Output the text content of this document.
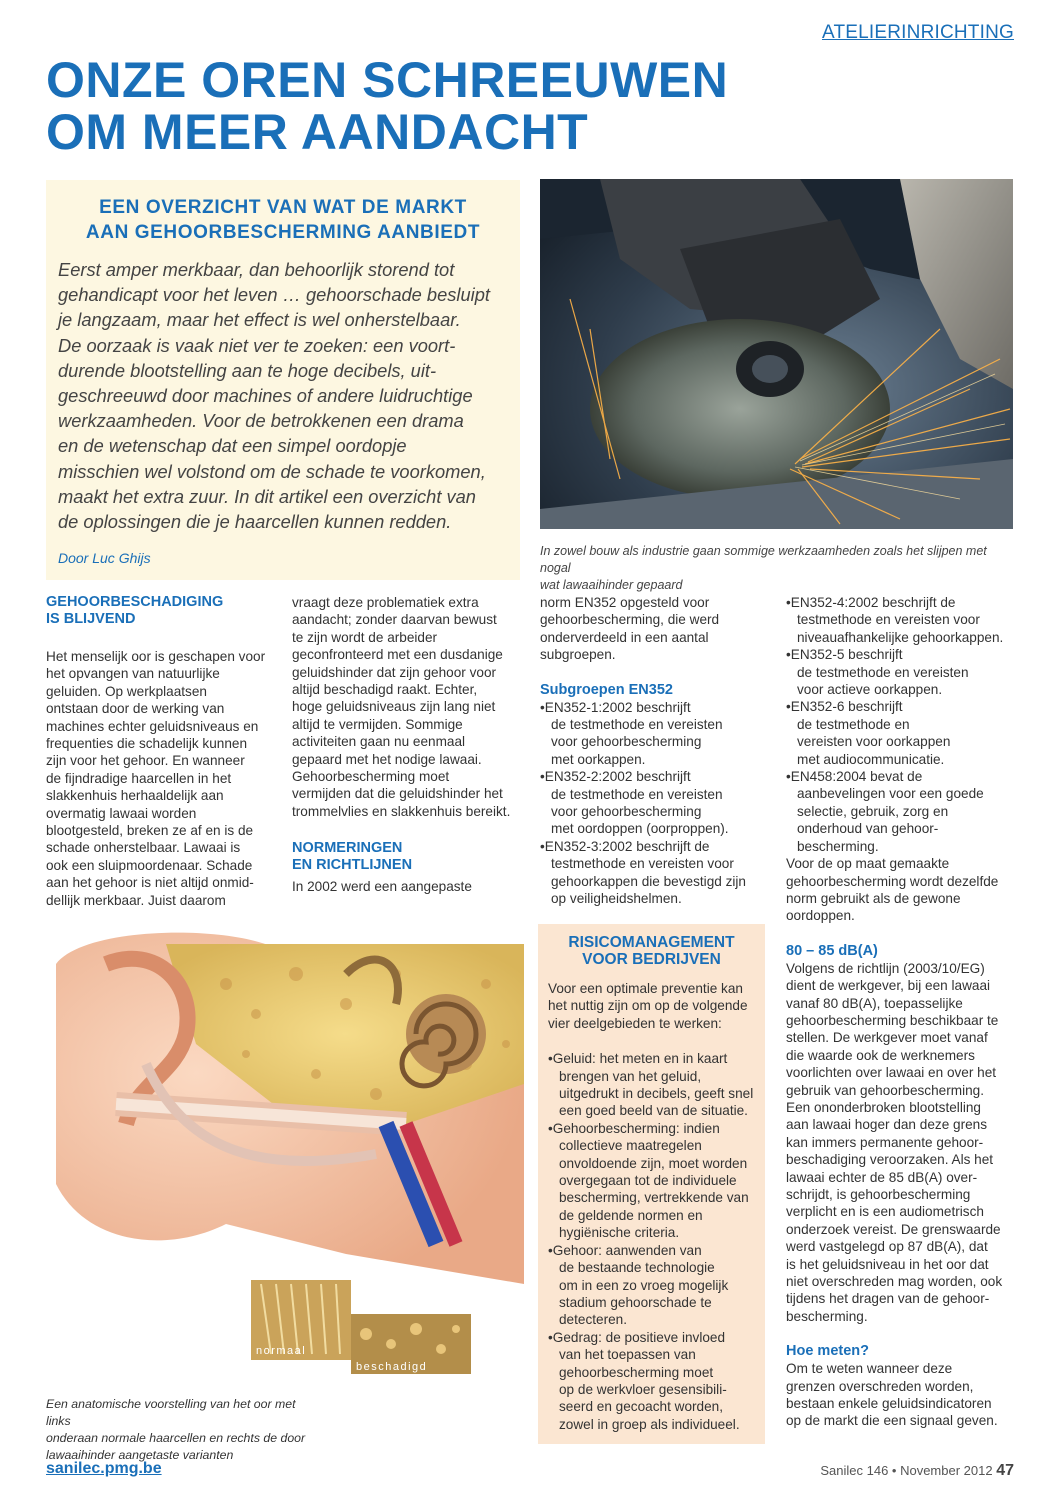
ATELIERINRICHTING
ONZE OREN SCHREEUWEN
OM MEER AANDACHT
EEN OVERZICHT VAN WAT DE MARKT
AAN GEHOORBESCHERMING AANBIEDT

Eerst amper merkbaar, dan behoorlijk storend tot

gehandicapt voor het leven … gehoorschade besluipt

je langzaam, maar het effect is wel onherstelbaar.

De oorzaak is vaak niet ver te zoeken: een voort-

durende blootstelling aan te hoge decibels, uit-

geschreeuwd door machines of andere luidruchtige

werkzaamheden. Voor de betrokkenen een drama

en de wetenschap dat een simpel oordopje

misschien wel volstond om de schade te voorkomen,

maakt het extra zuur. In dit artikel een overzicht van

de oplossingen die je haarcellen kunnen redden.

Door Luc Ghijs	In zowel bouw als industrie gaan sommige werkzaamheden zoals het slijpen met nogal
wat lawaaihinder gepaard
GEHOORBESCHADIGING
IS BLIJVEND

Het menselijk oor is geschapen voor

het opvangen van natuurlijke

geluiden. Op werkplaatsen

ontstaan door de werking van

machines echter geluidsniveaus en

frequenties die schadelijk kunnen

zijn voor het gehoor. En wanneer

de fijndradige haarcellen in het

slakkenhuis herhaaldelijk aan

overmatig lawaai worden

blootgesteld, breken ze af en is de

schade onherstelbaar. Lawaai is

ook een sluipmoordenaar. Schade

aan het gehoor is niet altijd onmid-

dellijk merkbaar. Juist daarom

vraagt deze problematiek extra

aandacht; zonder daarvan bewust

te zijn wordt de arbeider

geconfronteerd met een dusdanige

geluidshinder dat zijn gehoor voor

altijd beschadigd raakt. Echter,

hoge geluidsniveaus zijn lang niet

altijd te vermijden. Sommige

activiteiten gaan nu eenmaal

gepaard met het nodige lawaai.

Gehoorbescherming moet

vermijden dat die geluidshinder het

trommelvlies en slakkenhuis bereikt.

NORMERINGEN
EN RICHTLIJNEN

In 2002 werd een aangepaste

norm EN352 opgesteld voor

gehoorbescherming, die werd

onderverdeeld in een aantal

subgroepen.

Subgroepen EN352

•EN352-1:2002 beschrijft

de testmethode en vereisten

voor gehoorbescherming

met oorkappen.

•EN352-2:2002 beschrijft

de testmethode en vereisten

voor gehoorbescherming

met oordoppen (oorproppen).

•EN352-3:2002 beschrijft de

testmethode en vereisten voor

gehoorkappen die bevestigd zijn

op veiligheidshelmen.

•EN352-4:2002 beschrijft de

testmethode en vereisten voor

niveauafhankelijke gehoorkappen.

•EN352-5 beschrijft

de testmethode en vereisten

voor actieve oorkappen.

•EN352-6 beschrijft

de testmethode en

vereisten voor oorkappen

met audiocommunicatie.

•EN458:2004 bevat de

aanbevelingen voor een goede

selectie, gebruik, zorg en

onderhoud van gehoor-

bescherming.

Voor de op maat gemaakte

gehoorbescherming wordt dezelfde

norm gebruikt als de gewone

oordoppen.

80 – 85 dB(A)

Volgens de richtlijn (2003/10/EG)

dient de werkgever, bij een lawaai

vanaf 80 dB(A), toepasselijke

gehoorbescherming beschikbaar te

stellen. De werkgever moet vanaf

die waarde ook de werknemers

voorlichten over lawaai en over het

gebruik van gehoorbescherming.

Een ononderbroken blootstelling

aan lawaai hoger dan deze grens

kan immers permanente gehoor-

beschadiging veroorzaken. Als het

lawaai echter de 85 dB(A) over-

schrijdt, is gehoorbescherming

verplicht en is een audiometrisch

onderzoek vereist. De grenswaarde

werd vastgelegd op 87 dB(A), dat

is het geluidsniveau in het oor dat

niet overschreden mag worden, ook

tijdens het dragen van de gehoor-

bescherming.

Hoe meten?

Om te weten wanneer deze

grenzen overschreden worden,

bestaan enkele geluidsindicatoren

op de markt die een signaal geven.

RISICOMANAGEMENT
VOOR BEDRIJVEN

Voor een optimale preventie kan

het nuttig zijn om op de volgende

vier deelgebieden te werken:

•Geluid: het meten en in kaart

brengen van het geluid,

uitgedrukt in decibels, geeft snel

een goed beeld van de situatie.

•Gehoorbescherming: indien

collectieve maatregelen

onvoldoende zijn, moet worden

overgegaan tot de individuele

bescherming, vertrekkende van

de geldende normen en

hygiënische criteria.

•Gehoor: aanwenden van

de bestaande technologie

om in een zo vroeg mogelijk

stadium gehoorschade te

detecteren.

•Gedrag: de positieve invloed

van het toepassen van

gehoorbescherming moet

op de werkvloer gesensibili-

seerd en gecoacht worden,

zowel in groep als individueel.

normaal
beschadigd

Een anatomische voorstelling van het oor met links

onderaan normale haarcellen en rechts de door

lawaaihinder aangetaste varianten

sanilec.pmg.be	Sanilec 146 • November 2012 47
